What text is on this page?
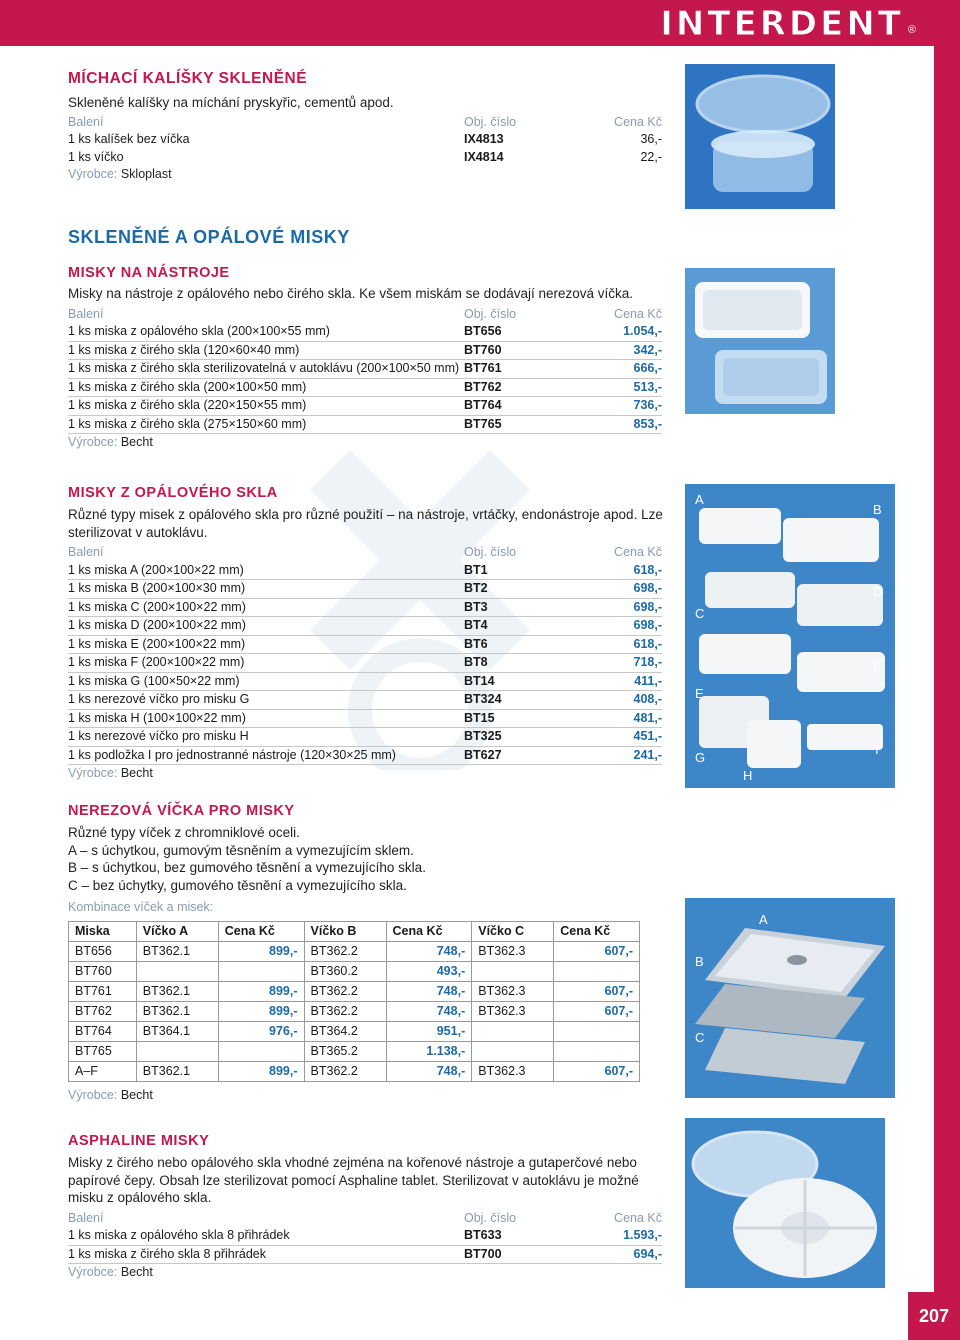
INTERDENT ®
207
MÍCHACÍ KALÍŠKY SKLENĚNÉ
Skleněné kalíšky na míchání pryskyřic, cementů apod.
Balení	Obj. číslo	Cena Kč
1 ks kalíšek bez víčka	IX4813	36,-
1 ks víčko	IX4814	22,-
Výrobce: Skloplast
SKLENĚNÉ A OPÁLOVÉ MISKY
MISKY NA NÁSTROJE
Misky na nástroje z opálového nebo čirého skla. Ke všem miskám se dodávají nerezová víčka.
Balení	Obj. číslo	Cena Kč
1 ks miska z opálového skla (200×100×55 mm)	BT656	1.054,-
1 ks miska z čirého skla (120×60×40 mm)	BT760	342,-
1 ks miska z čirého skla sterilizovatelná v autoklávu (200×100×50 mm)	BT761	666,-
1 ks miska z čirého skla (200×100×50 mm)	BT762	513,-
1 ks miska z čirého skla (220×150×55 mm)	BT764	736,-
1 ks miska z čirého skla (275×150×60 mm)	BT765	853,-
Výrobce: Becht
MISKY Z OPÁLOVÉHO SKLA
Různé typy misek z opálového skla pro různé použití – na nástroje, vrtáčky, endonástroje apod. Lze sterilizovat v autoklávu.
Balení	Obj. číslo	Cena Kč
1 ks miska A (200×100×22 mm)	BT1	618,-
1 ks miska B (200×100×30 mm)	BT2	698,-
1 ks miska C (200×100×22 mm)	BT3	698,-
1 ks miska D (200×100×22 mm)	BT4	698,-
1 ks miska E (200×100×22 mm)	BT6	618,-
1 ks miska F (200×100×22 mm)	BT8	718,-
1 ks miska G (100×50×22 mm)	BT14	411,-
1 ks nerezové víčko pro misku G	BT324	408,-
1 ks miska H (100×100×22 mm)	BT15	481,-
1 ks nerezové víčko pro misku H	BT325	451,-
1 ks podložka I pro jednostranné nástroje (120×30×25 mm)	BT627	241,-
Výrobce: Becht
A
B
C
D
E
F
G
H
I
NEREZOVÁ VÍČKA PRO MISKY
Různé typy víček z chromniklové oceli.
A – s úchytkou, gumovým těsněním a vymezujícím sklem.
B – s úchytkou, bez gumového těsnění a vymezujícího skla.
C – bez úchytky, gumového těsnění a vymezujícího skla.
Kombinace víček a misek:
Miska	Víčko A	Cena Kč	Víčko B	Cena Kč	Víčko C	Cena Kč
BT656	BT362.1	899,-	BT362.2	748,-	BT362.3	607,-
BT760			BT360.2	493,-		
BT761	BT362.1	899,-	BT362.2	748,-	BT362.3	607,-
BT762	BT362.1	899,-	BT362.2	748,-	BT362.3	607,-
BT764	BT364.1	976,-	BT364.2	951,-		
BT765			BT365.2	1.138,-		
A–F	BT362.1	899,-	BT362.2	748,-	BT362.3	607,-
Výrobce: Becht
A
B
C
ASPHALINE MISKY
Misky z čirého nebo opálového skla vhodné zejména na kořenové nástroje a gutaperčové nebo papírové čepy. Obsah lze sterilizovat pomocí Asphaline tablet. Sterilizovat v autoklávu je možné misku z opálového skla.
Balení	Obj. číslo	Cena Kč
1 ks miska z opálového skla 8 přihrádek	BT633	1.593,-
1 ks miska z čirého skla 8 přihrádek	BT700	694,-
Výrobce: Becht
